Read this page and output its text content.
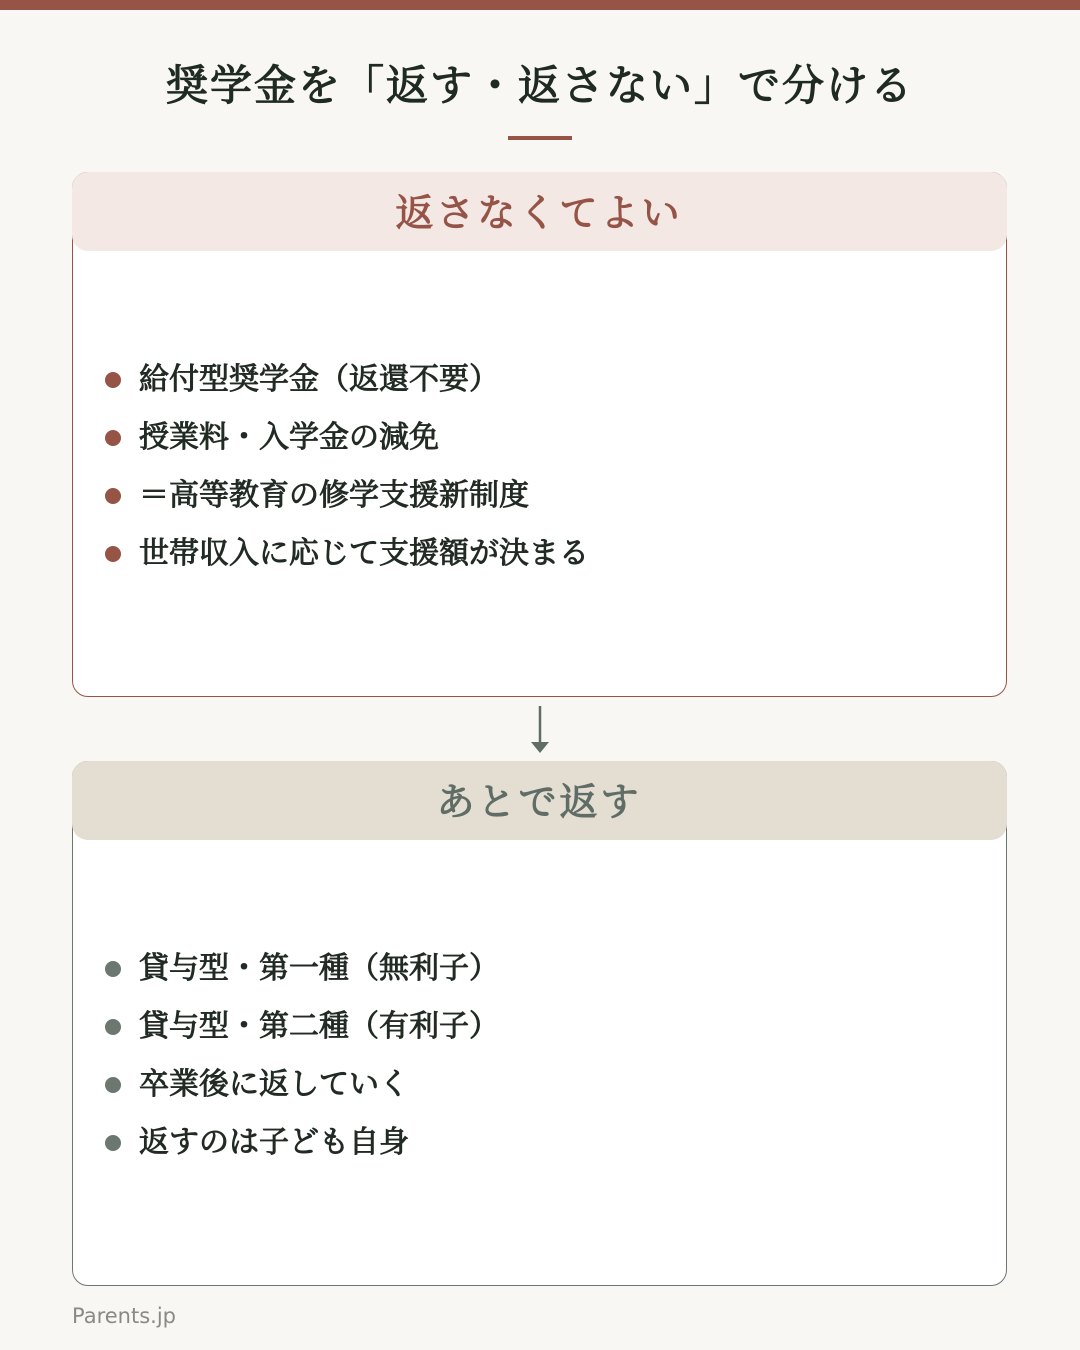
奨学金を「返す・返さない」で分ける
返さなくてよい
給付型奨学金（返還不要）
授業料・入学金の減免
＝高等教育の修学支援新制度
世帯収入に応じて支援額が決まる
あとで返す
貸与型・第一種（無利子）
貸与型・第二種（有利子）
卒業後に返していく
返すのは子ども自身
Parents.jp
